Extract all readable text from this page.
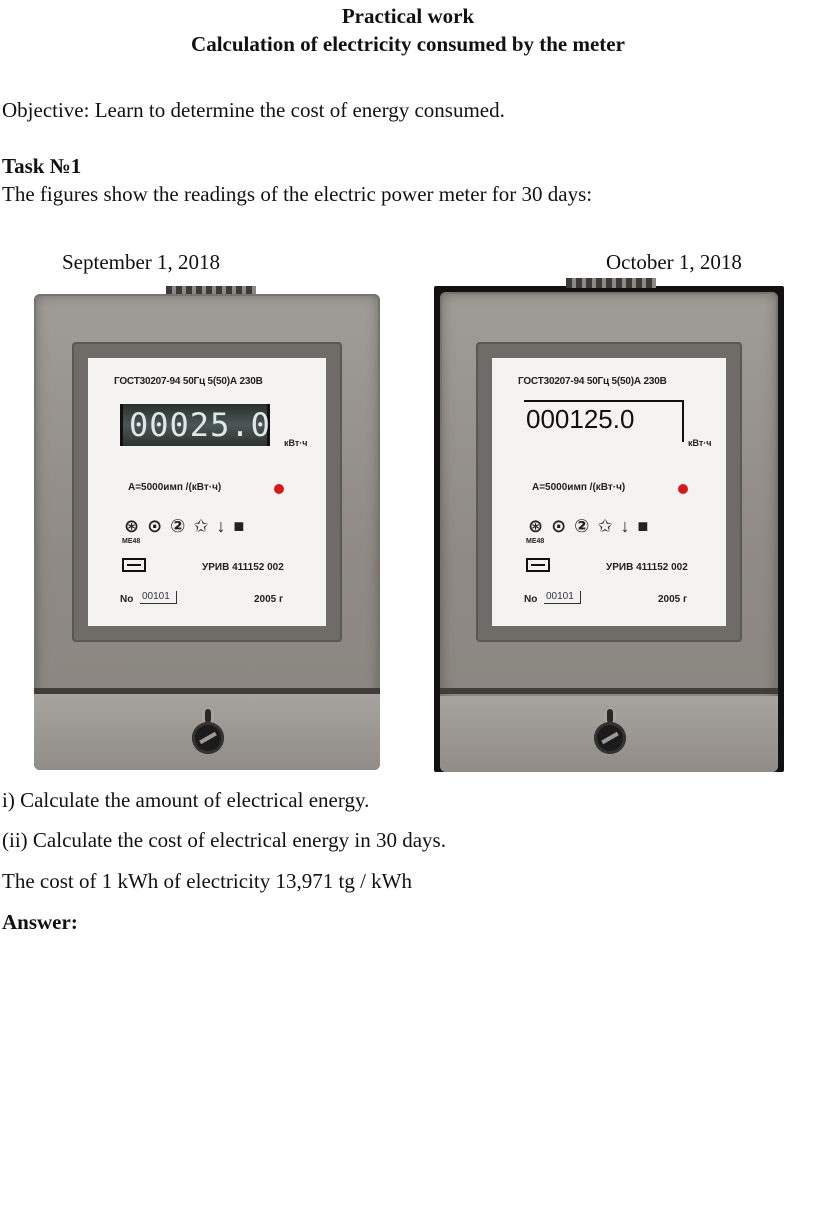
Practical work
Calculation of electricity consumed by the meter
Objective: Learn to determine the cost of energy consumed.
Task №1
The figures show the readings of the electric power meter for 30 days:
September 1, 2018	October 1, 2018
ГОСТ30207-94 50Гц 5(50)А 230В
00025.0 кВт·ч
A=5000имп /(кВт·ч)
⊛⊙②✩↓■
МЕ48
УРИВ 411152 002
No 00101	2005 г
ГОСТ30207-94 50Гц 5(50)А 230В
000125.0
кВт·ч
A=5000имп /(кВт·ч)
⊛⊙②✩↓■
МЕ48
УРИВ 411152 002
No 00101	2005 г
i) Calculate the amount of electrical energy.
(ii) Calculate the cost of electrical energy in 30 days.
The cost of 1 kWh of electricity 13,971 tg / kWh
Answer:
